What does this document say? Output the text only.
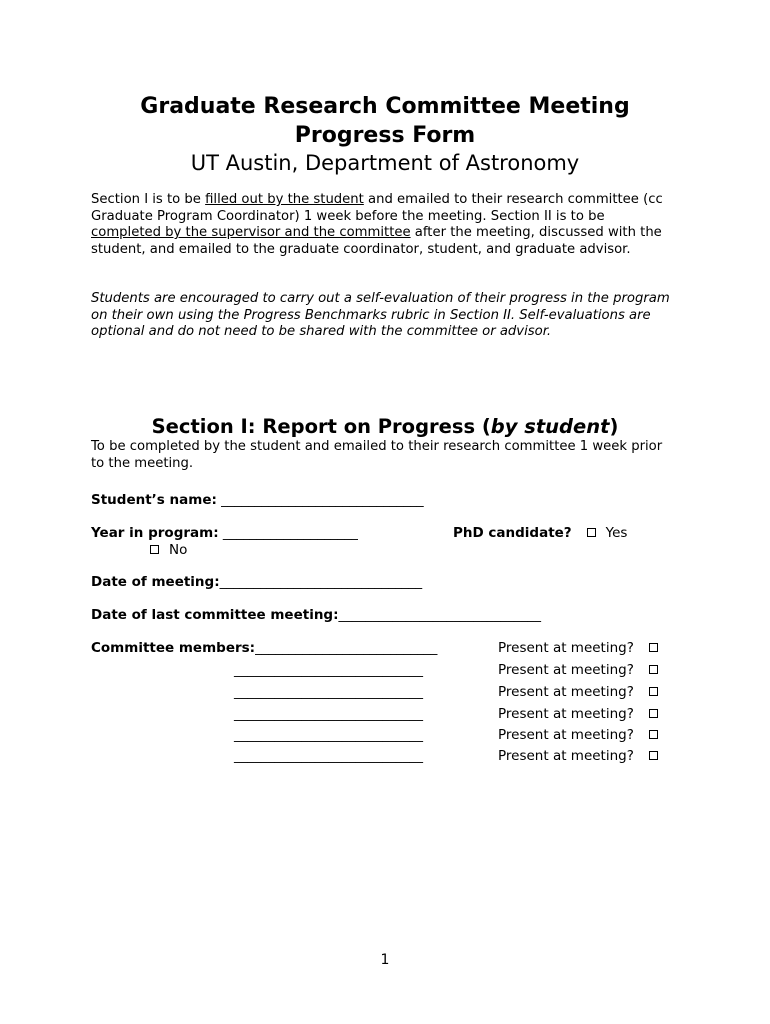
Graduate Research Committee Meeting
Progress Form
UT Austin, Department of Astronomy
Section I is to be filled out by the student and emailed to their research committee (cc Graduate Program Coordinator) 1 week before the meeting. Section II is to be completed by the supervisor and the committee after the meeting, discussed with the student, and emailed to the graduate coordinator, student, and graduate advisor.
Students are encouraged to carry out a self-evaluation of their progress in the program on their own using the Progress Benchmarks rubric in Section II. Self-evaluations are optional and do not need to be shared with the committee or advisor.
Section I: Report on Progress (by student)
To be completed by the student and emailed to their research committee 1 week prior to the meeting.
Student’s name: ______________________________
Year in program: ____________________	PhD candidate?	Yes
No
Date of meeting:______________________________
Date of last committee meeting:______________________________
Committee members:___________________________
____________________________
____________________________
____________________________
____________________________
____________________________
Present at meeting?
Present at meeting?
Present at meeting?
Present at meeting?
Present at meeting?
Present at meeting?
1
